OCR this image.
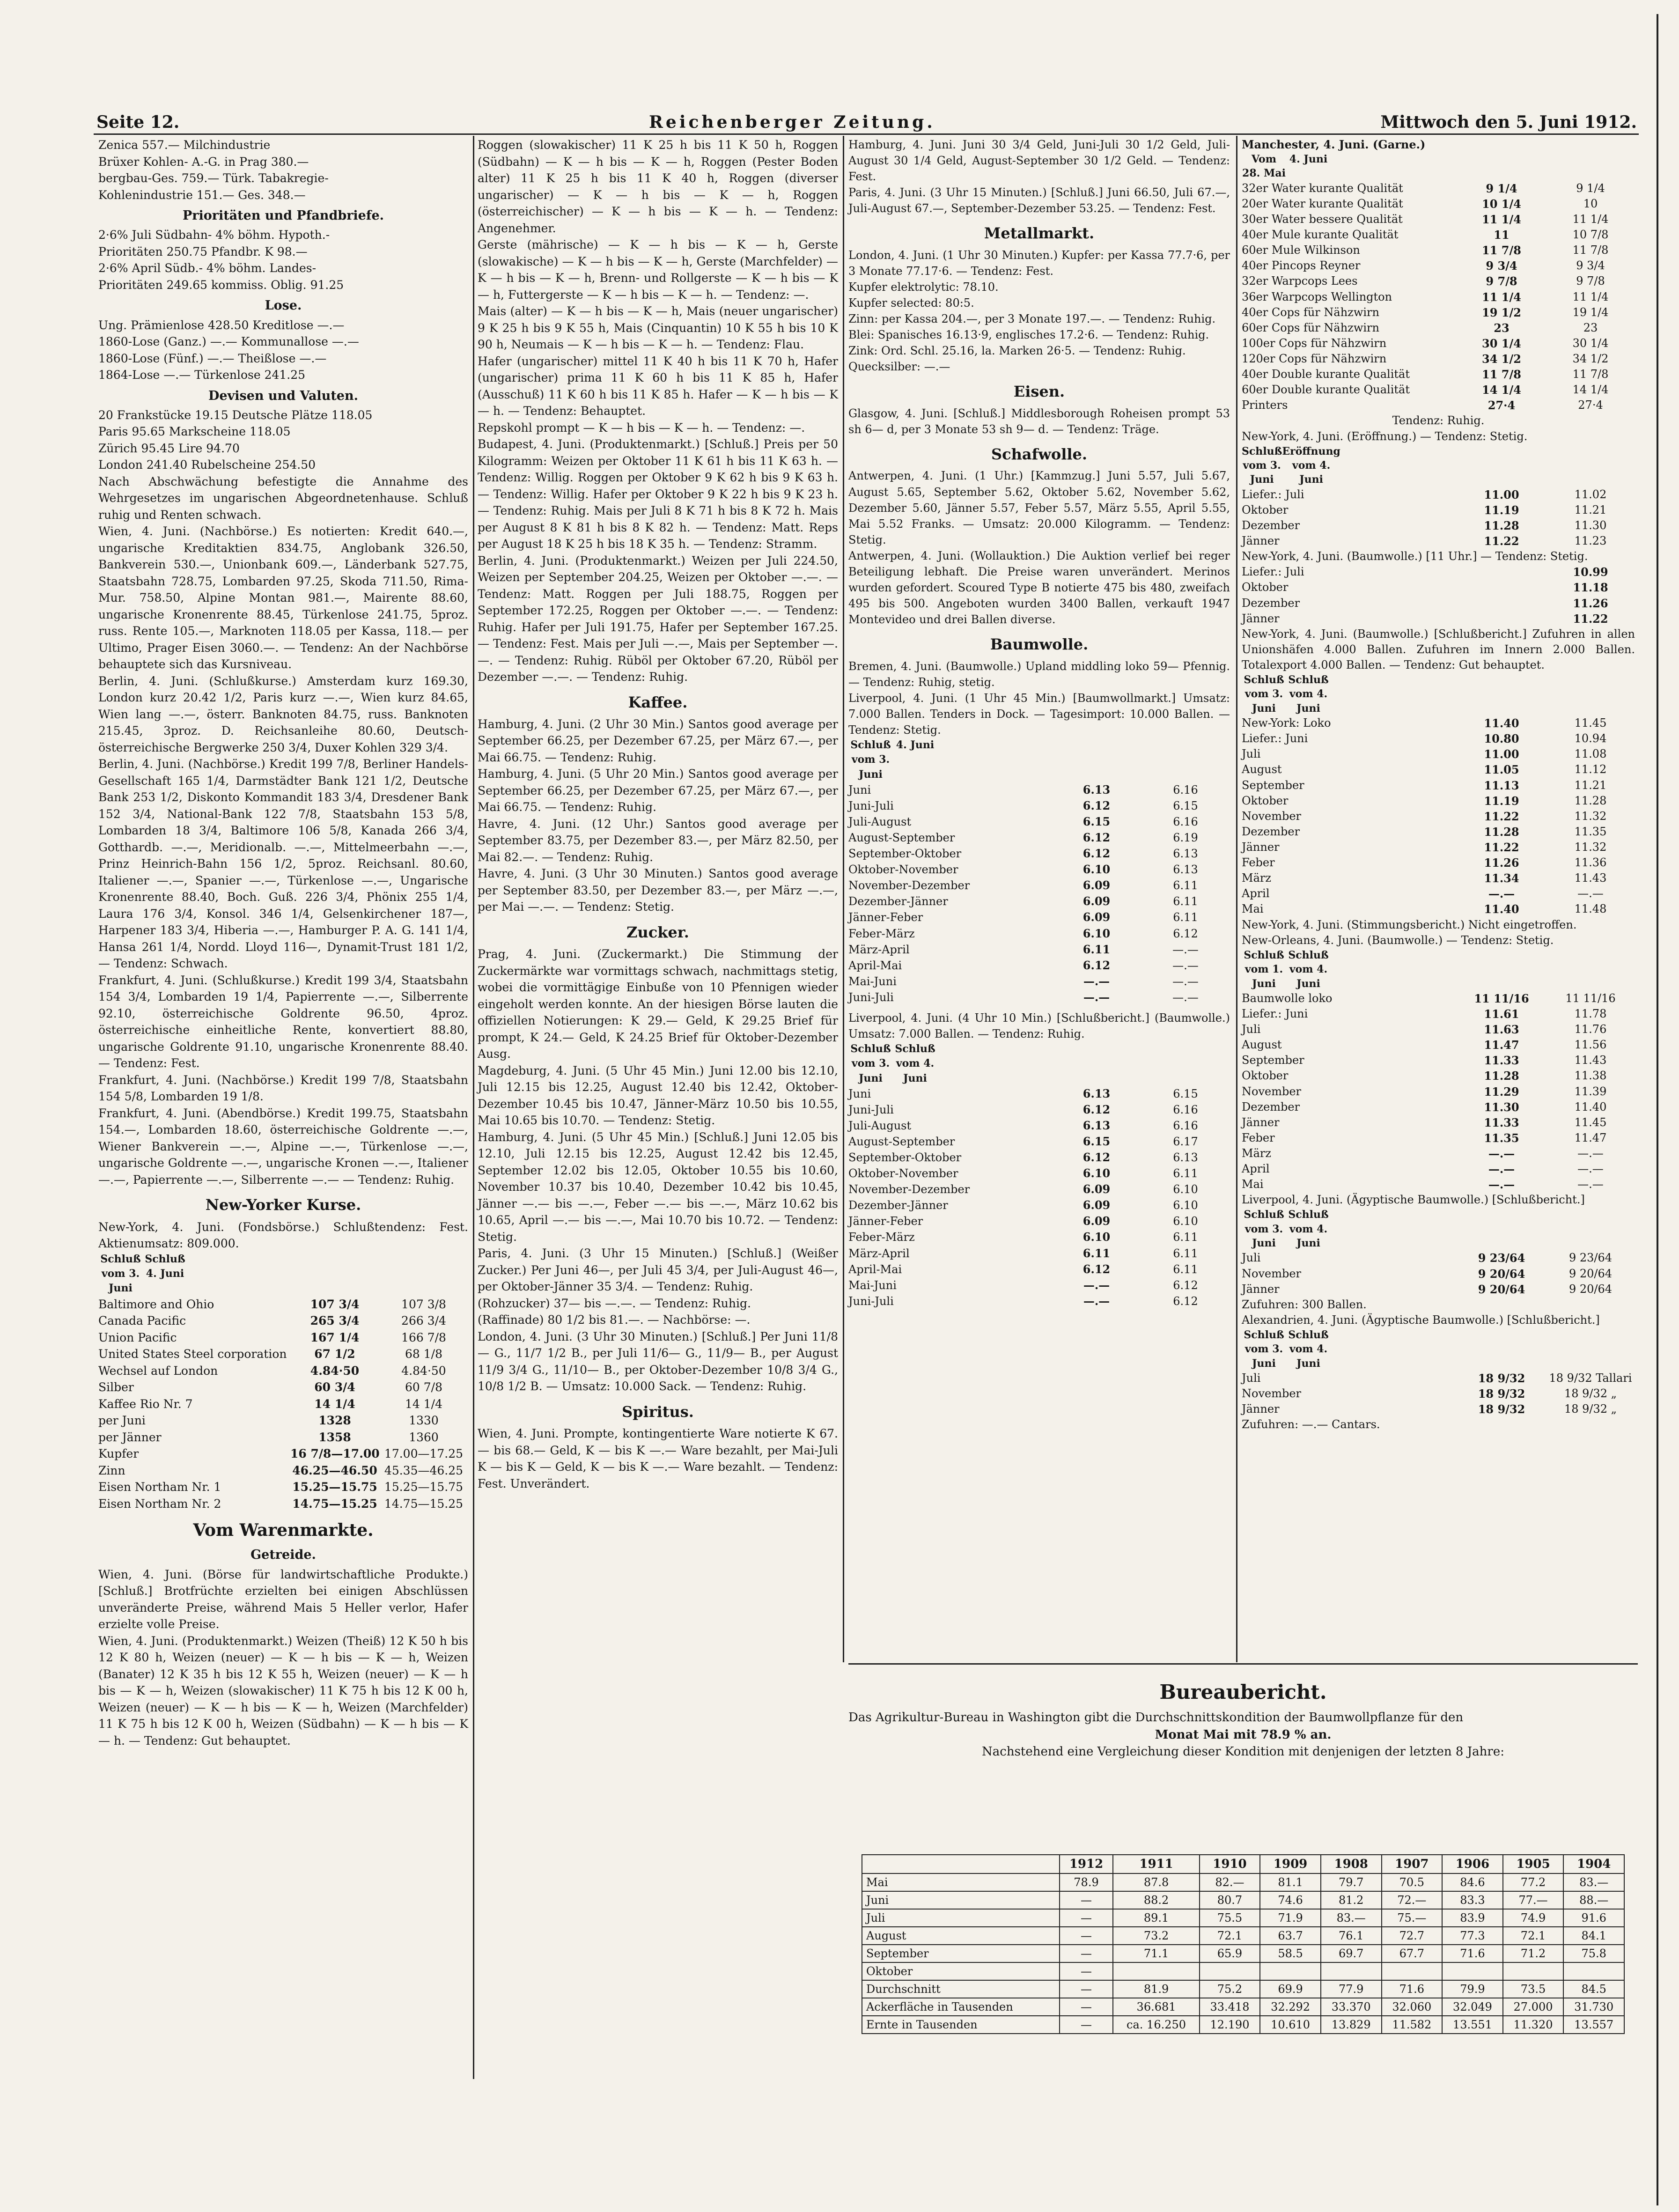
Seite 12.	Reichenberger Zeitung.	Mittwoch den 5. Juni 1912.
Zenica 557.— Milchindustrie
Brüxer Kohlen- A.-G. in Prag 380.—
bergbau-Ges. 759.— Türk. Tabakregie-
Kohlenindustrie 151.— Ges. 348.—
Prioritäten und Pfandbriefe.
2·6% Juli Südbahn- 4% böhm. Hypoth.-
Prioritäten 250.75 Pfandbr. K 98.—
2·6% April Südb.- 4% böhm. Landes-
Prioritäten 249.65 kommiss. Oblig. 91.25
Lose.
Ung. Prämienlose 428.50 Kreditlose —.—
1860-Lose (Ganz.) —.— Kommunallose —.—
1860-Lose (Fünf.) —.— Theißlose —.—
1864-Lose —.— Türkenlose 241.25
Devisen und Valuten.
20 Frankstücke 19.15 Deutsche Plätze 118.05
Paris 95.65 Markscheine 118.05
Zürich 95.45 Lire 94.70
London 241.40 Rubelscheine 254.50

Nach Abschwächung befestigte die Annahme des Wehrgesetzes im ungarischen Abgeordnetenhause. Schluß ruhig und Renten schwach.

Wien, 4. Juni. (Nachbörse.) Es notierten: Kredit 640.—, ungarische Kreditaktien 834.75, Anglobank 326.50, Bankverein 530.—, Unionbank 609.—, Länderbank 527.75, Staatsbahn 728.75, Lombarden 97.25, Skoda 711.50, Rima-Mur. 758.50, Alpine Montan 981.—, Mairente 88.60, ungarische Kronenrente 88.45, Türkenlose 241.75, 5proz. russ. Rente 105.—, Marknoten 118.05 per Kassa, 118.— per Ultimo, Prager Eisen 3060.—. — Tendenz: An der Nachbörse behauptete sich das Kursniveau.

Berlin, 4. Juni. (Schlußkurse.) Amsterdam kurz 169.30, London kurz 20.42 1/2, Paris kurz —.—, Wien kurz 84.65, Wien lang —.—, österr. Banknoten 84.75, russ. Banknoten 215.45, 3proz. D. Reichsanleihe 80.60, Deutsch-österreichische Bergwerke 250 3/4, Duxer Kohlen 329 3/4.

Berlin, 4. Juni. (Nachbörse.) Kredit 199 7/8, Berliner Handels-Gesellschaft 165 1/4, Darmstädter Bank 121 1/2, Deutsche Bank 253 1/2, Diskonto Kommandit 183 3/4, Dresdener Bank 152 3/4, National-Bank 122 7/8, Staatsbahn 153 5/8, Lombarden 18 3/4, Baltimore 106 5/8, Kanada 266 3/4, Gotthardb. —.—, Meridionalb. —.—, Mittelmeerbahn —.—, Prinz Heinrich-Bahn 156 1/2, 5proz. Reichsanl. 80.60, Italiener —.—, Spanier —.—, Türkenlose —.—, Ungarische Kronenrente 88.40, Boch. Guß. 226 3/4, Phönix 255 1/4, Laura 176 3/4, Konsol. 346 1/4, Gelsenkirchener 187—, Harpener 183 3/4, Hiberia —.—, Hamburger P. A. G. 141 1/4, Hansa 261 1/4, Nordd. Lloyd 116—, Dynamit-Trust 181 1/2, — Tendenz: Schwach.

Frankfurt, 4. Juni. (Schlußkurse.) Kredit 199 3/4, Staatsbahn 154 3/4, Lombarden 19 1/4, Papierrente —.—, Silberrente 92.10, österreichische Goldrente 96.50, 4proz. österreichische einheitliche Rente, konvertiert 88.80, ungarische Goldrente 91.10, ungarische Kronenrente 88.40. — Tendenz: Fest.

Frankfurt, 4. Juni. (Nachbörse.) Kredit 199 7/8, Staatsbahn 154 5/8, Lombarden 19 1/8.

Frankfurt, 4. Juni. (Abendbörse.) Kredit 199.75, Staatsbahn 154.—, Lombarden 18.60, österreichische Goldrente —.—, Wiener Bankverein —.—, Alpine —.—, Türkenlose —.—, ungarische Goldrente —.—, ungarische Kronen —.—, Italiener —.—, Papierrente —.—, Silberrente —.— — Tendenz: Ruhig.

New-Yorker Kurse.

New-York, 4. Juni. (Fondsbörse.) Schlußtendenz: Fest. Aktienumsatz: 809.000.

Schluß vom 3. Juni
Schluß 4. Juni
Baltimore and Ohio	107 3/4	107 3/8
Canada Pacific	265 3/4	266 3/4
Union Pacific	167 1/4	166 7/8
United States Steel corporation	67 1/2	68 1/8
Wechsel auf London	4.84·50	4.84·50
Silber	60 3/4	60 7/8
Kaffee Rio Nr. 7	14 1/4	14 1/4
per Juni	1328	1330
per Jänner	1358	1360
Kupfer	16 7/8—17.00 17.00—17.25
Zinn	46.25—46.50 45.35—46.25
Eisen Northam Nr. 1	15.25—15.75 15.25—15.75
Eisen Northam Nr. 2	14.75—15.25 14.75—15.25
Vom Warenmarkte.
Getreide.

Wien, 4. Juni. (Börse für landwirtschaftliche Produkte.) [Schluß.] Brotfrüchte erzielten bei einigen Abschlüssen unveränderte Preise, während Mais 5 Heller verlor, Hafer erzielte volle Preise.

Wien, 4. Juni. (Produktenmarkt.) Weizen (Theiß) 12 K 50 h bis 12 K 80 h, Weizen (neuer) — K — h bis — K — h, Weizen (Banater) 12 K 35 h bis 12 K 55 h, Weizen (neuer) — K — h bis — K — h, Weizen (slowakischer) 11 K 75 h bis 12 K 00 h, Weizen (neuer) — K — h bis — K — h, Weizen (Marchfelder) 11 K 75 h bis 12 K 00 h, Weizen (Südbahn) — K — h bis — K — h. — Tendenz: Gut behauptet.

Roggen (slowakischer) 11 K 25 h bis 11 K 50 h, Roggen (Südbahn) — K — h bis — K — h, Roggen (Pester Boden alter) 11 K 25 h bis 11 K 40 h, Roggen (diverser ungarischer) — K — h bis — K — h, Roggen (österreichischer) — K — h bis — K — h. — Tendenz: Angenehmer.

Gerste (mährische) — K — h bis — K — h, Gerste (slowakische) — K — h bis — K — h, Gerste (Marchfelder) — K — h bis — K — h, Brenn- und Rollgerste — K — h bis — K — h, Futtergerste — K — h bis — K — h. — Tendenz: —.

Mais (alter) — K — h bis — K — h, Mais (neuer ungarischer) 9 K 25 h bis 9 K 55 h, Mais (Cinquantin) 10 K 55 h bis 10 K 90 h, Neumais — K — h bis — K — h. — Tendenz: Flau.

Hafer (ungarischer) mittel 11 K 40 h bis 11 K 70 h, Hafer (ungarischer) prima 11 K 60 h bis 11 K 85 h, Hafer (Ausschuß) 11 K 60 h bis 11 K 85 h. Hafer — K — h bis — K — h. — Tendenz: Behauptet.

Repskohl prompt — K — h bis — K — h. — Tendenz: —.

Budapest, 4. Juni. (Produktenmarkt.) [Schluß.] Preis per 50 Kilogramm: Weizen per Oktober 11 K 61 h bis 11 K 63 h. — Tendenz: Willig. Roggen per Oktober 9 K 62 h bis 9 K 63 h. — Tendenz: Willig. Hafer per Oktober 9 K 22 h bis 9 K 23 h. — Tendenz: Ruhig. Mais per Juli 8 K 71 h bis 8 K 72 h. Mais per August 8 K 81 h bis 8 K 82 h. — Tendenz: Matt. Reps per August 18 K 25 h bis 18 K 35 h. — Tendenz: Stramm.

Berlin, 4. Juni. (Produktenmarkt.) Weizen per Juli 224.50, Weizen per September 204.25, Weizen per Oktober —.—. — Tendenz: Matt. Roggen per Juli 188.75, Roggen per September 172.25, Roggen per Oktober —.—. — Tendenz: Ruhig. Hafer per Juli 191.75, Hafer per September 167.25. — Tendenz: Fest. Mais per Juli —.—, Mais per September —.—. — Tendenz: Ruhig. Rüböl per Oktober 67.20, Rüböl per Dezember —.—. — Tendenz: Ruhig.

Kaffee.

Hamburg, 4. Juni. (2 Uhr 30 Min.) Santos good average per September 66.25, per Dezember 67.25, per März 67.—, per Mai 66.75. — Tendenz: Ruhig.

Hamburg, 4. Juni. (5 Uhr 20 Min.) Santos good average per September 66.25, per Dezember 67.25, per März 67.—, per Mai 66.75. — Tendenz: Ruhig.

Havre, 4. Juni. (12 Uhr.) Santos good average per September 83.75, per Dezember 83.—, per März 82.50, per Mai 82.—. — Tendenz: Ruhig.

Havre, 4. Juni. (3 Uhr 30 Minuten.) Santos good average per September 83.50, per Dezember 83.—, per März —.—, per Mai —.—. — Tendenz: Stetig.

Zucker.

Prag, 4. Juni. (Zuckermarkt.) Die Stimmung der Zuckermärkte war vormittags schwach, nachmittags stetig, wobei die vormittägige Einbuße von 10 Pfennigen wieder eingeholt werden konnte. An der hiesigen Börse lauten die offiziellen Notierungen: K 29.— Geld, K 29.25 Brief für prompt, K 24.— Geld, K 24.25 Brief für Oktober-Dezember Ausg.

Magdeburg, 4. Juni. (5 Uhr 45 Min.) Juni 12.00 bis 12.10, Juli 12.15 bis 12.25, August 12.40 bis 12.42, Oktober-Dezember 10.45 bis 10.47, Jänner-März 10.50 bis 10.55, Mai 10.65 bis 10.70. — Tendenz: Stetig.

Hamburg, 4. Juni. (5 Uhr 45 Min.) [Schluß.] Juni 12.05 bis 12.10, Juli 12.15 bis 12.25, August 12.42 bis 12.45, September 12.02 bis 12.05, Oktober 10.55 bis 10.60, November 10.37 bis 10.40, Dezember 10.42 bis 10.45, Jänner —.— bis —.—, Feber —.— bis —.—, März 10.62 bis 10.65, April —.— bis —.—, Mai 10.70 bis 10.72. — Tendenz: Stetig.

Paris, 4. Juni. (3 Uhr 15 Minuten.) [Schluß.] (Weißer Zucker.) Per Juni 46—, per Juli 45 3/4, per Juli-August 46—, per Oktober-Jänner 35 3/4. — Tendenz: Ruhig.

(Rohzucker) 37— bis —.—. — Tendenz: Ruhig.

(Raffinade) 80 1/2 bis 81.—. — Nachbörse: —.

London, 4. Juni. (3 Uhr 30 Minuten.) [Schluß.] Per Juni 11/8— G., 11/7 1/2 B., per Juli 11/6— G., 11/9— B., per August 11/9 3/4 G., 11/10— B., per Oktober-Dezember 10/8 3/4 G., 10/8 1/2 B. — Umsatz: 10.000 Sack. — Tendenz: Ruhig.

Spiritus.

Wien, 4. Juni. Prompte, kontingentierte Ware notierte K 67.— bis 68.— Geld, K — bis K —.— Ware bezahlt, per Mai-Juli K — bis K — Geld, K — bis K —.— Ware bezahlt. — Tendenz: Fest. Unverändert.

Hamburg, 4. Juni. Juni 30 3/4 Geld, Juni-Juli 30 1/2 Geld, Juli-August 30 1/4 Geld, August-September 30 1/2 Geld. — Tendenz: Fest.

Paris, 4. Juni. (3 Uhr 15 Minuten.) [Schluß.] Juni 66.50, Juli 67.—, Juli-August 67.—, September-Dezember 53.25. — Tendenz: Fest.

Metallmarkt.

London, 4. Juni. (1 Uhr 30 Minuten.) Kupfer: per Kassa 77.7·6, per 3 Monate 77.17·6. — Tendenz: Fest.

Kupfer elektrolytic: 78.10.

Kupfer selected: 80:5.

Zinn: per Kassa 204.—, per 3 Monate 197.—. — Tendenz: Ruhig.

Blei: Spanisches 16.13·9, englisches 17.2·6. — Tendenz: Ruhig.

Zink: Ord. Schl. 25.16, la. Marken 26·5. — Tendenz: Ruhig.

Quecksilber: —.—

Eisen.

Glasgow, 4. Juni. [Schluß.] Middlesborough Roheisen prompt 53 sh 6— d, per 3 Monate 53 sh 9— d. — Tendenz: Träge.

Schafwolle.

Antwerpen, 4. Juni. (1 Uhr.) [Kammzug.] Juni 5.57, Juli 5.67, August 5.65, September 5.62, Oktober 5.62, November 5.62, Dezember 5.60, Jänner 5.57, Feber 5.57, März 5.55, April 5.55, Mai 5.52 Franks. — Umsatz: 20.000 Kilogramm. — Tendenz: Stetig.

Antwerpen, 4. Juni. (Wollauktion.) Die Auktion verlief bei reger Beteiligung lebhaft. Die Preise waren unverändert. Merinos wurden gefordert. Scoured Type B notierte 475 bis 480, zweifach 495 bis 500. Angeboten wurden 3400 Ballen, verkauft 1947 Montevideo und drei Ballen diverse.

Baumwolle.

Bremen, 4. Juni. (Baumwolle.) Upland middling loko 59— Pfennig. — Tendenz: Ruhig, stetig.

Liverpool, 4. Juni. (1 Uhr 45 Min.) [Baumwollmarkt.] Umsatz: 7.000 Ballen. Tenders in Dock. — Tagesimport: 10.000 Ballen. — Tendenz: Stetig.

Schluß vom 3. Juni
4. Juni
Juni	6.13	6.16
Juni-Juli	6.12	6.15
Juli-August	6.15	6.16
August-September	6.12	6.19
September-Oktober	6.12	6.13
Oktober-November	6.10	6.13
November-Dezember	6.09	6.11
Dezember-Jänner	6.09	6.11
Jänner-Feber	6.09	6.11
Feber-März	6.10	6.12
März-April	6.11	—.—
April-Mai	6.12	—.—
Mai-Juni	—.—	—.—
Juni-Juli	—.—	—.—

Liverpool, 4. Juni. (4 Uhr 10 Min.) [Schlußbericht.] (Baumwolle.) Umsatz: 7.000 Ballen. — Tendenz: Ruhig.

Schluß vom 3. Juni
Schluß vom 4. Juni
Juni	6.13	6.15
Juni-Juli	6.12	6.16
Juli-August	6.13	6.16
August-September	6.15	6.17
September-Oktober	6.12	6.13
Oktober-November	6.10	6.11
November-Dezember	6.09	6.10
Dezember-Jänner	6.09	6.10
Jänner-Feber	6.09	6.10
Feber-März	6.10	6.11
März-April	6.11	6.11
April-Mai	6.12	6.11
Mai-Juni	—.—	6.12
Juni-Juli	—.—	6.12

Manchester, 4. Juni. (Garne.)

Vom 28. Mai
4. Juni
32er Water kurante Qualität	9 1/4	9 1/4
20er Water kurante Qualität	10 1/4	10
30er Water bessere Qualität	11 1/4	11 1/4
40er Mule kurante Qualität	11	10 7/8
60er Mule Wilkinson	11 7/8	11 7/8
40er Pincops Reyner	9 3/4	9 3/4
32er Warpcops Lees	9 7/8	9 7/8
36er Warpcops Wellington	11 1/4	11 1/4
40er Cops für Nähzwirn	19 1/2	19 1/4
60er Cops für Nähzwirn	23	23
100er Cops für Nähzwirn	30 1/4	30 1/4
120er Cops für Nähzwirn	34 1/2	34 1/2
40er Double kurante Qualität	11 7/8	11 7/8
60er Double kurante Qualität	14 1/4	14 1/4
Printers	27·4	27·4

Tendenz: Ruhig.

New-York, 4. Juni. (Eröffnung.) — Tendenz: Stetig.

Schluß vom 3. Juni
Eröffnung vom 4. Juni
Liefer.: Juli	11.00	11.02
Oktober	11.19	11.21
Dezember	11.28	11.30
Jänner	11.22	11.23

New-York, 4. Juni. (Baumwolle.) [11 Uhr.] — Tendenz: Stetig.

Liefer.: Juli	10.99
Oktober	11.18
Dezember	11.26
Jänner	11.22

New-York, 4. Juni. (Baumwolle.) [Schlußbericht.] Zufuhren in allen Unionshäfen 4.000 Ballen. Zufuhren im Innern 2.000 Ballen. Totalexport 4.000 Ballen. — Tendenz: Gut behauptet.

Schluß vom 3. Juni
Schluß vom 4. Juni
New-York: Loko	11.40	11.45
Liefer.: Juni	10.80	10.94
Juli	11.00	11.08
August	11.05	11.12
September	11.13	11.21
Oktober	11.19	11.28
November	11.22	11.32
Dezember	11.28	11.35
Jänner	11.22	11.32
Feber	11.26	11.36
März	11.34	11.43
April	—.—	—.—
Mai	11.40	11.48

New-York, 4. Juni. (Stimmungsbericht.) Nicht eingetroffen.

New-Orleans, 4. Juni. (Baumwolle.) — Tendenz: Stetig.

Schluß vom 1. Juni
Schluß vom 4. Juni
Baumwolle loko	11 11/16	11 11/16
Liefer.: Juni	11.61	11.78
Juli	11.63	11.76
August	11.47	11.56
September	11.33	11.43
Oktober	11.28	11.38
November	11.29	11.39
Dezember	11.30	11.40
Jänner	11.33	11.45
Feber	11.35	11.47
März	—.—	—.—
April	—.—	—.—
Mai	—.—	—.—

Liverpool, 4. Juni. (Ägyptische Baumwolle.) [Schlußbericht.]

Schluß vom 3. Juni
Schluß vom 4. Juni
Juli	9 23/64	9 23/64
November	9 20/64	9 20/64
Jänner	9 20/64	9 20/64

Zufuhren: 300 Ballen.

Alexandrien, 4. Juni. (Ägyptische Baumwolle.) [Schlußbericht.]

Schluß vom 3. Juni
Schluß vom 4. Juni
Juli	18 9/32	18 9/32 Tallari
November	18 9/32	18 9/32 „
Jänner	18 9/32	18 9/32 „

Zufuhren: —.— Cantars.

Bureaubericht.

Das Agrikultur-Bureau in Washington gibt die Durchschnittskondition der Baumwollpflanze für den

Monat Mai mit 78.9 % an.

Nachstehend eine Vergleichung dieser Kondition mit denjenigen der letzten 8 Jahre:

	1912	1911	1910	1909	1908	1907	1906	1905	1904
Mai	78.9	87.8	82.—	81.1	79.7	70.5	84.6	77.2	83.—
Juni	—	88.2	80.7	74.6	81.2	72.—	83.3	77.—	88.—
Juli	—	89.1	75.5	71.9	83.—	75.—	83.9	74.9	91.6
August	—	73.2	72.1	63.7	76.1	72.7	77.3	72.1	84.1
September	—	71.1	65.9	58.5	69.7	67.7	71.6	71.2	75.8
Oktober	—								
Durchschnitt	—	81.9	75.2	69.9	77.9	71.6	79.9	73.5	84.5
Ackerfläche in Tausenden	—	36.681	33.418	32.292	33.370	32.060	32.049	27.000	31.730
Ernte in Tausenden	—	ca. 16.250	12.190	10.610	13.829	11.582	13.551	11.320	13.557
